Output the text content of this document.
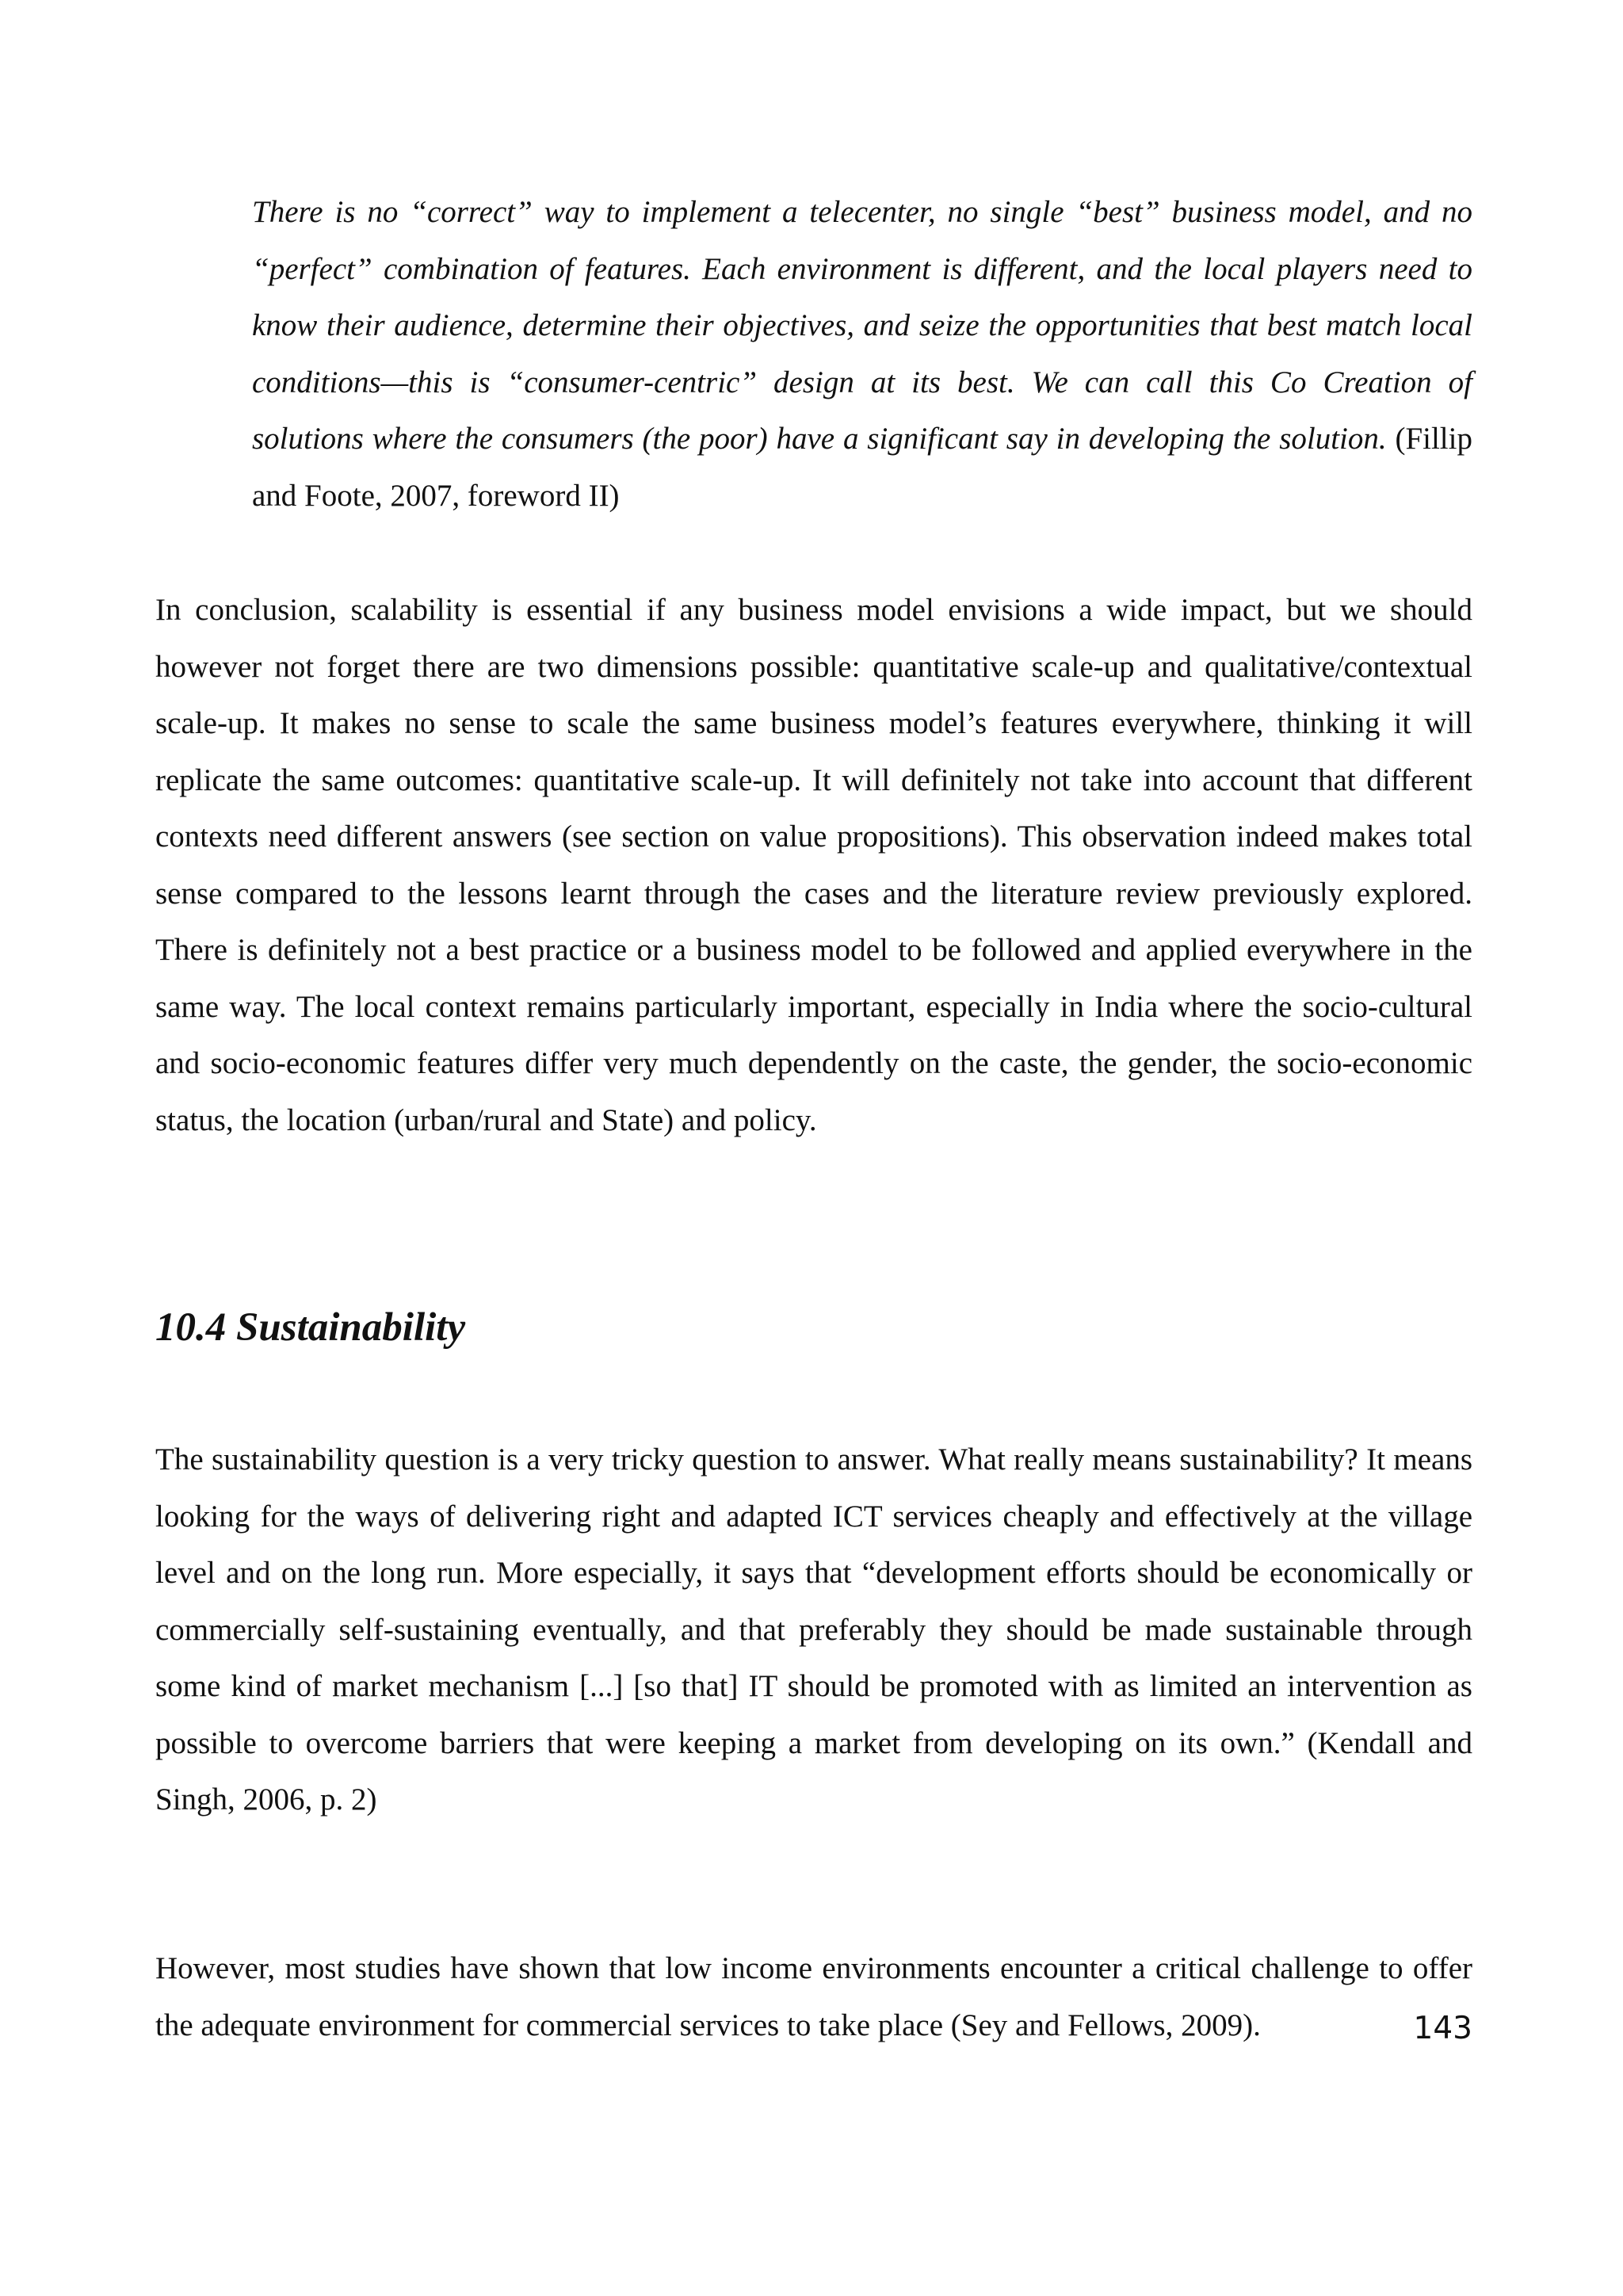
There is no “correct” way to implement a telecenter, no single “best” business model, and no “perfect” combination of features. Each environment is different, and the local players need to know their audience, determine their objectives, and seize the opportunities that best match local conditions—this is “consumer-centric” design at its best. We can call this Co Creation of solutions where the consumers (the poor) have a significant say in developing the solution. (Fillip and Foote, 2007, foreword II)

In conclusion, scalability is essential if any business model envisions a wide impact, but we should however not forget there are two dimensions possible: quantitative scale-up and qualitative/contextual scale-up. It makes no sense to scale the same business model’s features everywhere, thinking it will replicate the same outcomes: quantitative scale-up. It will definitely not take into account that different contexts need different answers (see section on value propositions). This observation indeed makes total sense compared to the lessons learnt through the cases and the literature review previously explored. There is definitely not a best practice or a business model to be followed and applied everywhere in the same way. The local context remains particularly important, especially in India where the socio-cultural and socio-economic features differ very much dependently on the caste, the gender, the socio-economic status, the location (urban/rural and State) and policy.

10.4 Sustainability

The sustainability question is a very tricky question to answer. What really means sustainability? It means looking for the ways of delivering right and adapted ICT services cheaply and effectively at the village level and on the long run. More especially, it says that “development efforts should be economically or commercially self-sustaining eventually, and that preferably they should be made sustainable through some kind of market mechanism [...] [so that] IT should be promoted with as limited an intervention as possible to overcome barriers that were keeping a market from developing on its own.” (Kendall and Singh, 2006, p. 2)

However, most studies have shown that low income environments encounter a critical challenge to offer the adequate environment for commercial services to take place (Sey and Fellows, 2009).	143
